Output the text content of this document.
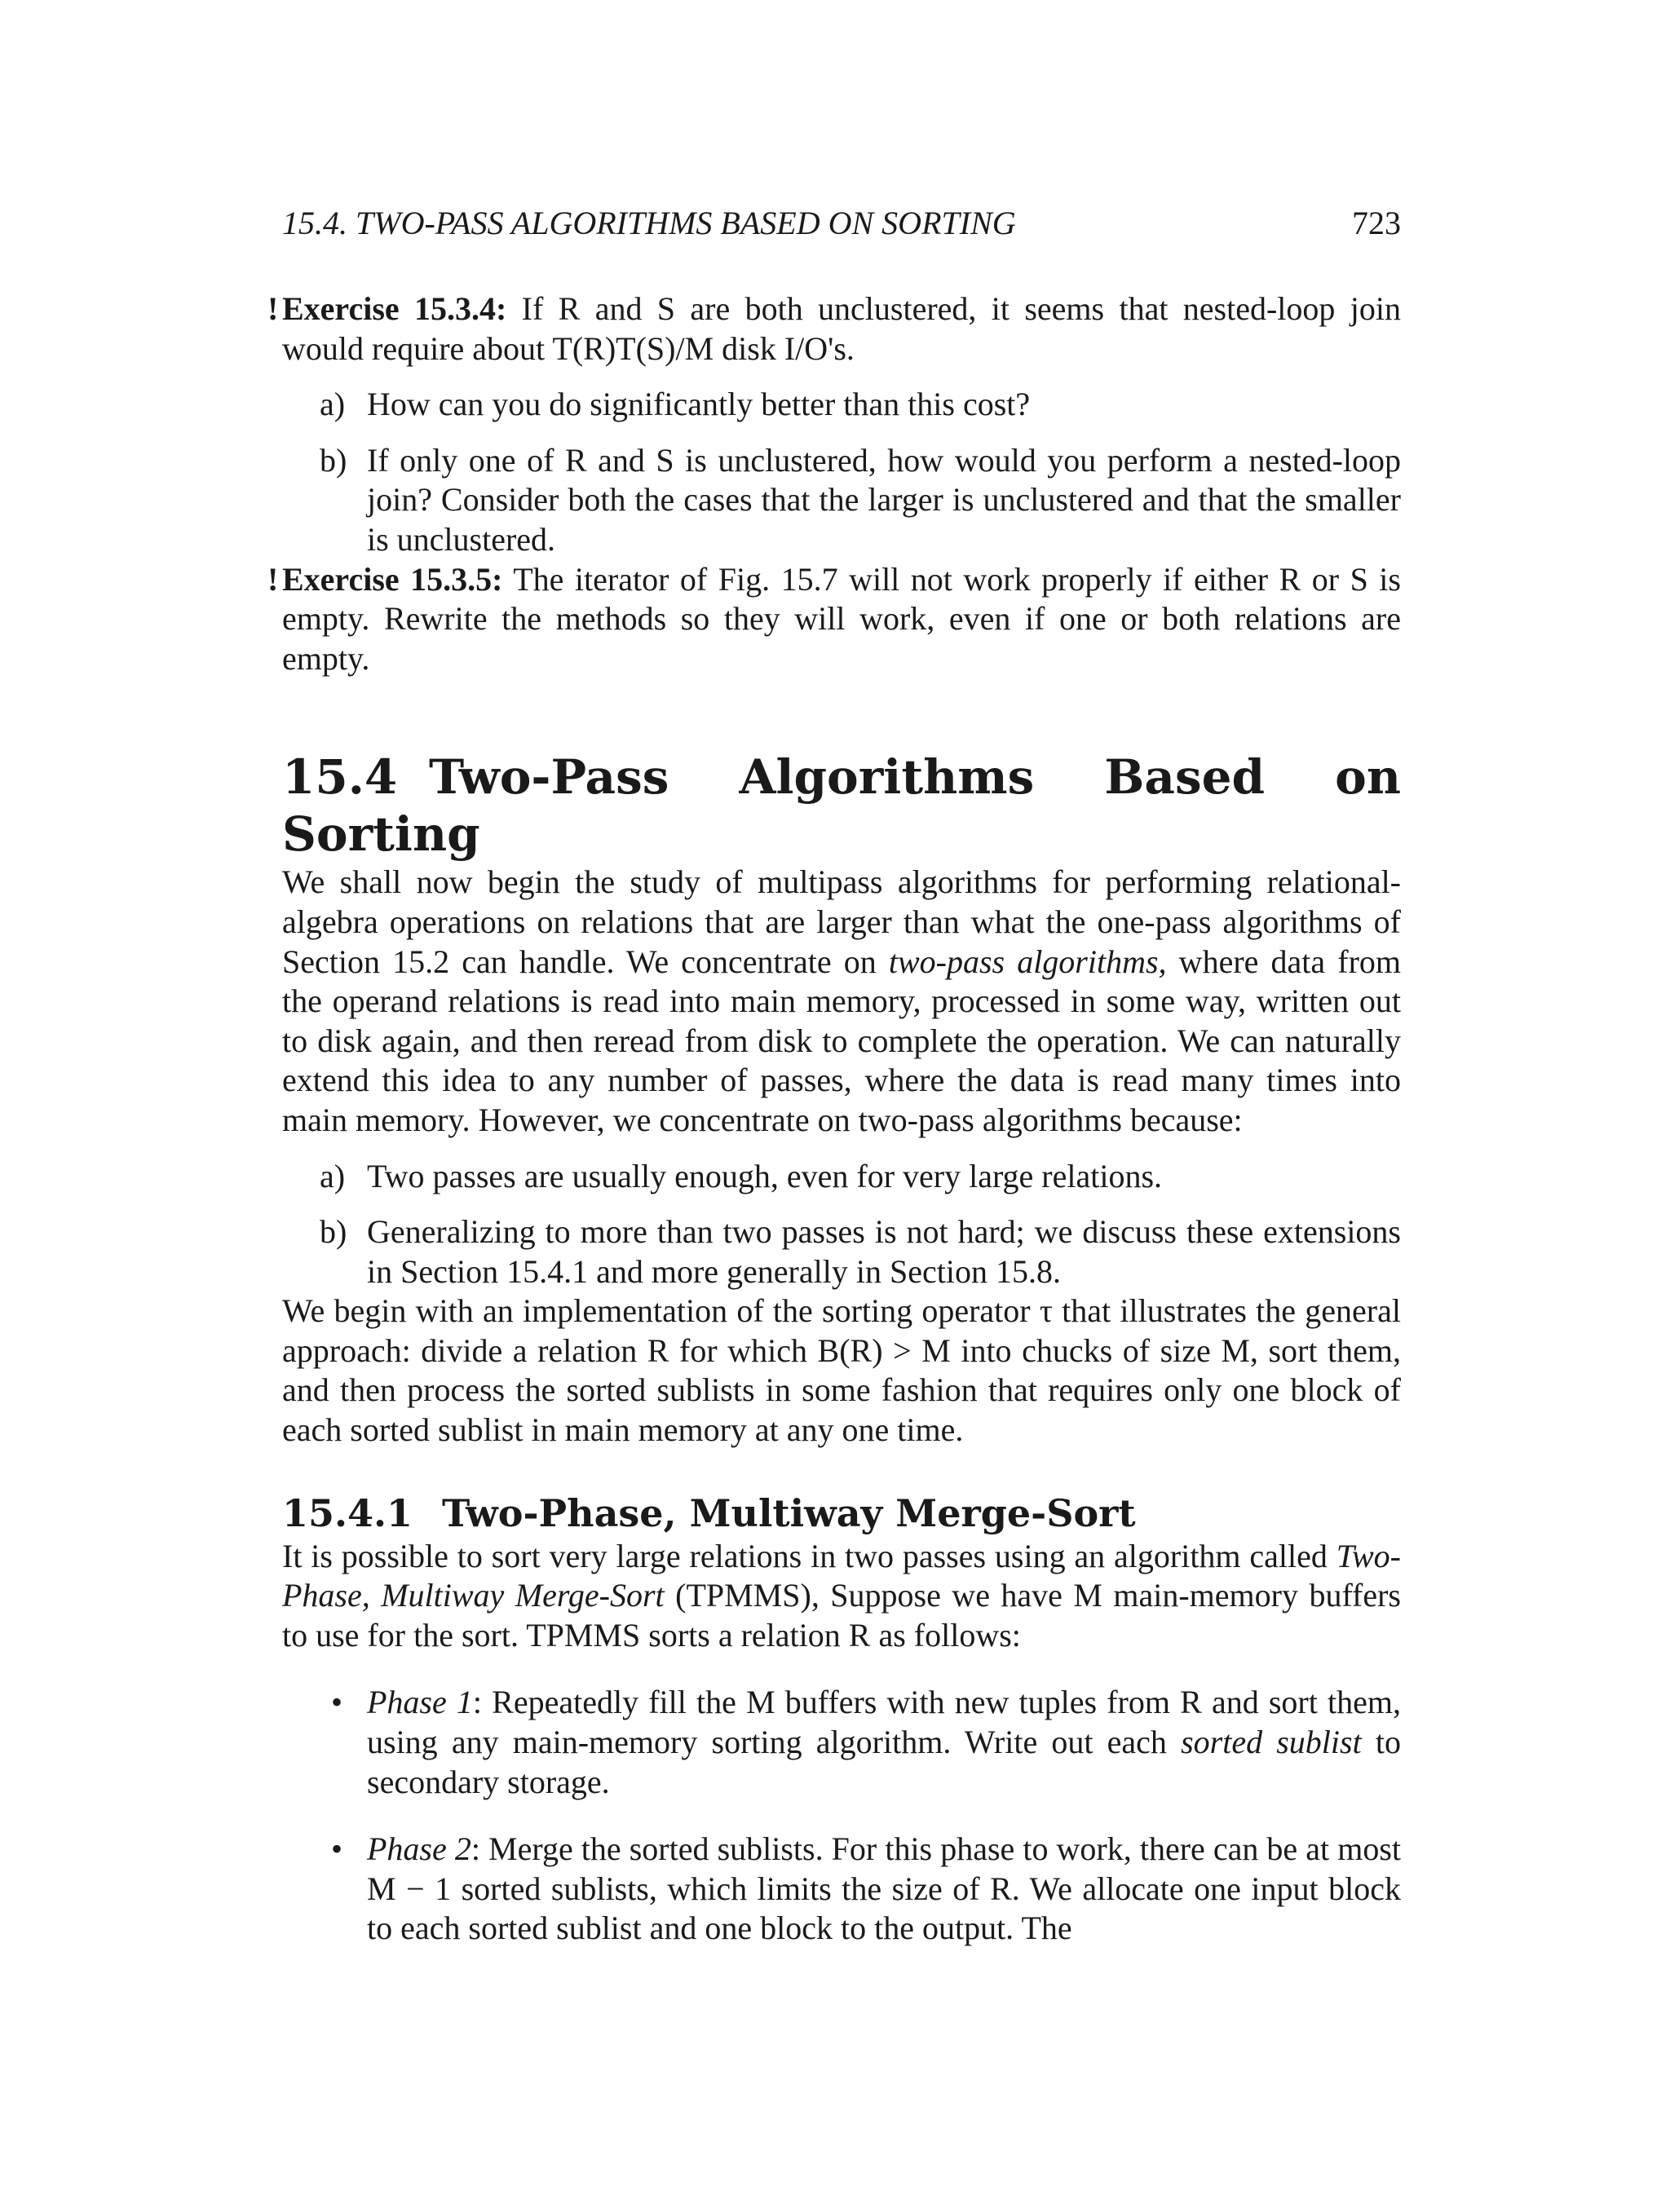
15.4. TWO-PASS ALGORITHMS BASED ON SORTING	723

! Exercise 15.3.4: If R and S are both unclustered, it seems that nested-loop join would require about T(R)T(S)/M disk I/O's.

a) How can you do significantly better than this cost?
b) If only one of R and S is unclustered, how would you perform a nested-loop join? Consider both the cases that the larger is unclustered and that the smaller is unclustered.

! Exercise 15.3.5: The iterator of Fig. 15.7 will not work properly if either R or S is empty. Rewrite the methods so they will work, even if one or both relations are empty.

15.4 Two-Pass Algorithms Based on Sorting

We shall now begin the study of multipass algorithms for performing relational-algebra operations on relations that are larger than what the one-pass algorithms of Section 15.2 can handle. We concentrate on two-pass algorithms, where data from the operand relations is read into main memory, processed in some way, written out to disk again, and then reread from disk to complete the operation. We can naturally extend this idea to any number of passes, where the data is read many times into main memory. However, we concentrate on two-pass algorithms because:

a) Two passes are usually enough, even for very large relations.
b) Generalizing to more than two passes is not hard; we discuss these extensions in Section 15.4.1 and more generally in Section 15.8.

We begin with an implementation of the sorting operator τ that illustrates the general approach: divide a relation R for which B(R) > M into chucks of size M, sort them, and then process the sorted sublists in some fashion that requires only one block of each sorted sublist in main memory at any one time.

15.4.1 Two-Phase, Multiway Merge-Sort

It is possible to sort very large relations in two passes using an algorithm called Two-Phase, Multiway Merge-Sort (TPMMS), Suppose we have M main-memory buffers to use for the sort. TPMMS sorts a relation R as follows:

• Phase 1: Repeatedly fill the M buffers with new tuples from R and sort them, using any main-memory sorting algorithm. Write out each sorted sublist to secondary storage.
• Phase 2: Merge the sorted sublists. For this phase to work, there can be at most M − 1 sorted sublists, which limits the size of R. We allocate one input block to each sorted sublist and one block to the output. The
